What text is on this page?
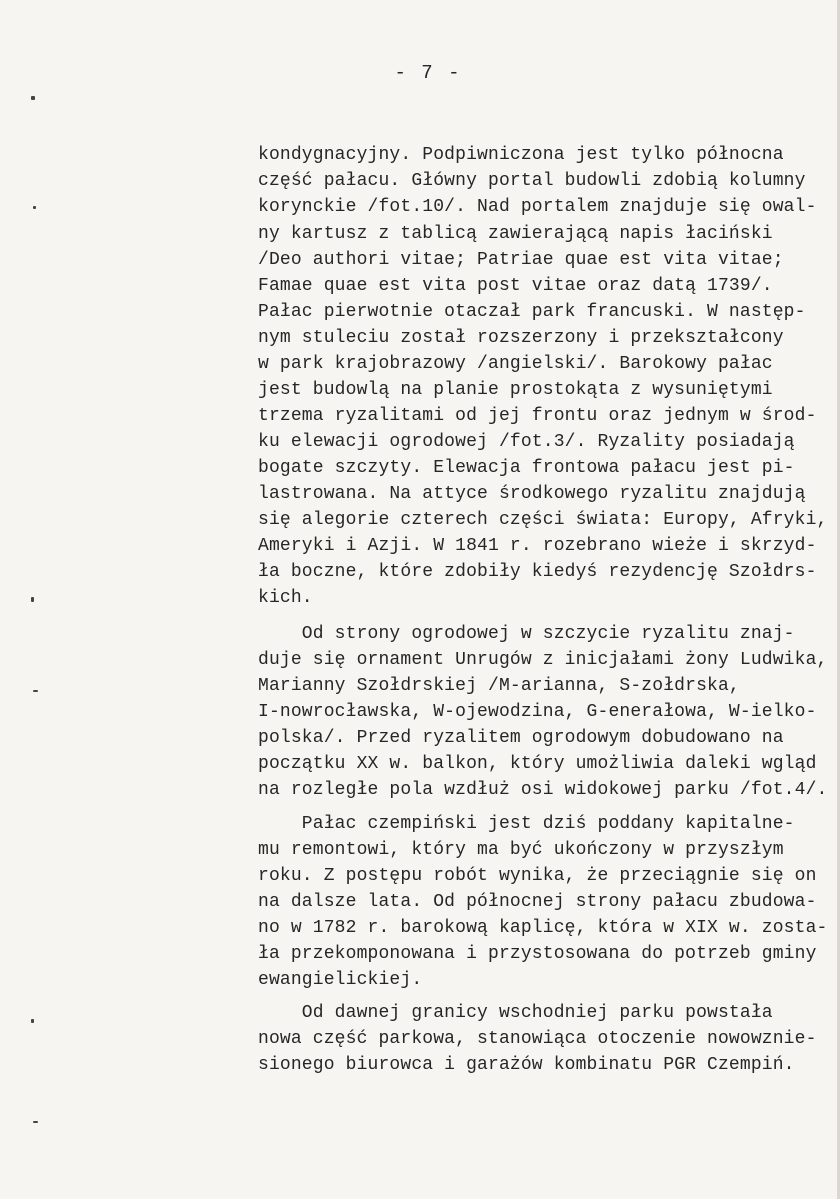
- 7 -
kondygnacyjny. Podpiwniczona jest tylko północna
część pałacu. Główny portal budowli zdobią kolumny
korynckie /fot.10/. Nad portalem znajduje się owal-
ny kartusz z tablicą zawierającą napis łaciński
/Deo authori vitae; Patriae quae est vita vitae;
Famae quae est vita post vitae oraz datą 1739/.
Pałac pierwotnie otaczał park francuski. W następ-
nym stuleciu został rozszerzony i przekształcony
w park krajobrazowy /angielski/. Barokowy pałac
jest budowlą na planie prostokąta z wysuniętymi
trzema ryzalitami od jej frontu oraz jednym w środ-
ku elewacji ogrodowej /fot.3/. Ryzality posiadają
bogate szczyty. Elewacja frontowa pałacu jest pi-
lastrowana. Na attyce środkowego ryzalitu znajdują
się alegorie czterech części świata: Europy, Afryki,
Ameryki i Azji. W 1841 r. rozebrano wieże i skrzyd-
ła boczne, które zdobiły kiedyś rezydencję Szołdrs-
kich.
Od strony ogrodowej w szczycie ryzalitu znaj-
duje się ornament Unrugów z inicjałami żony Ludwika,
Marianny Szołdrskiej /M-arianna, S-zołdrska,
I-nowrocławska, W-ojewodzina, G-enerałowa, W-ielko-
polska/. Przed ryzalitem ogrodowym dobudowano na
początku XX w. balkon, który umożliwia daleki wgląd
na rozległe pola wzdłuż osi widokowej parku /fot.4/.
Pałac czempiński jest dziś poddany kapitalne-
mu remontowi, który ma być ukończony w przyszłym
roku. Z postępu robót wynika, że przeciągnie się on
na dalsze lata. Od północnej strony pałacu zbudowa-
no w 1782 r. barokową kaplicę, która w XIX w. zosta-
ła przekomponowana i przystosowana do potrzeb gminy
ewangielickiej.
Od dawnej granicy wschodniej parku powstała
nowa część parkowa, stanowiąca otoczenie nowowznie-
sionego biurowca i garażów kombinatu PGR Czempiń.
